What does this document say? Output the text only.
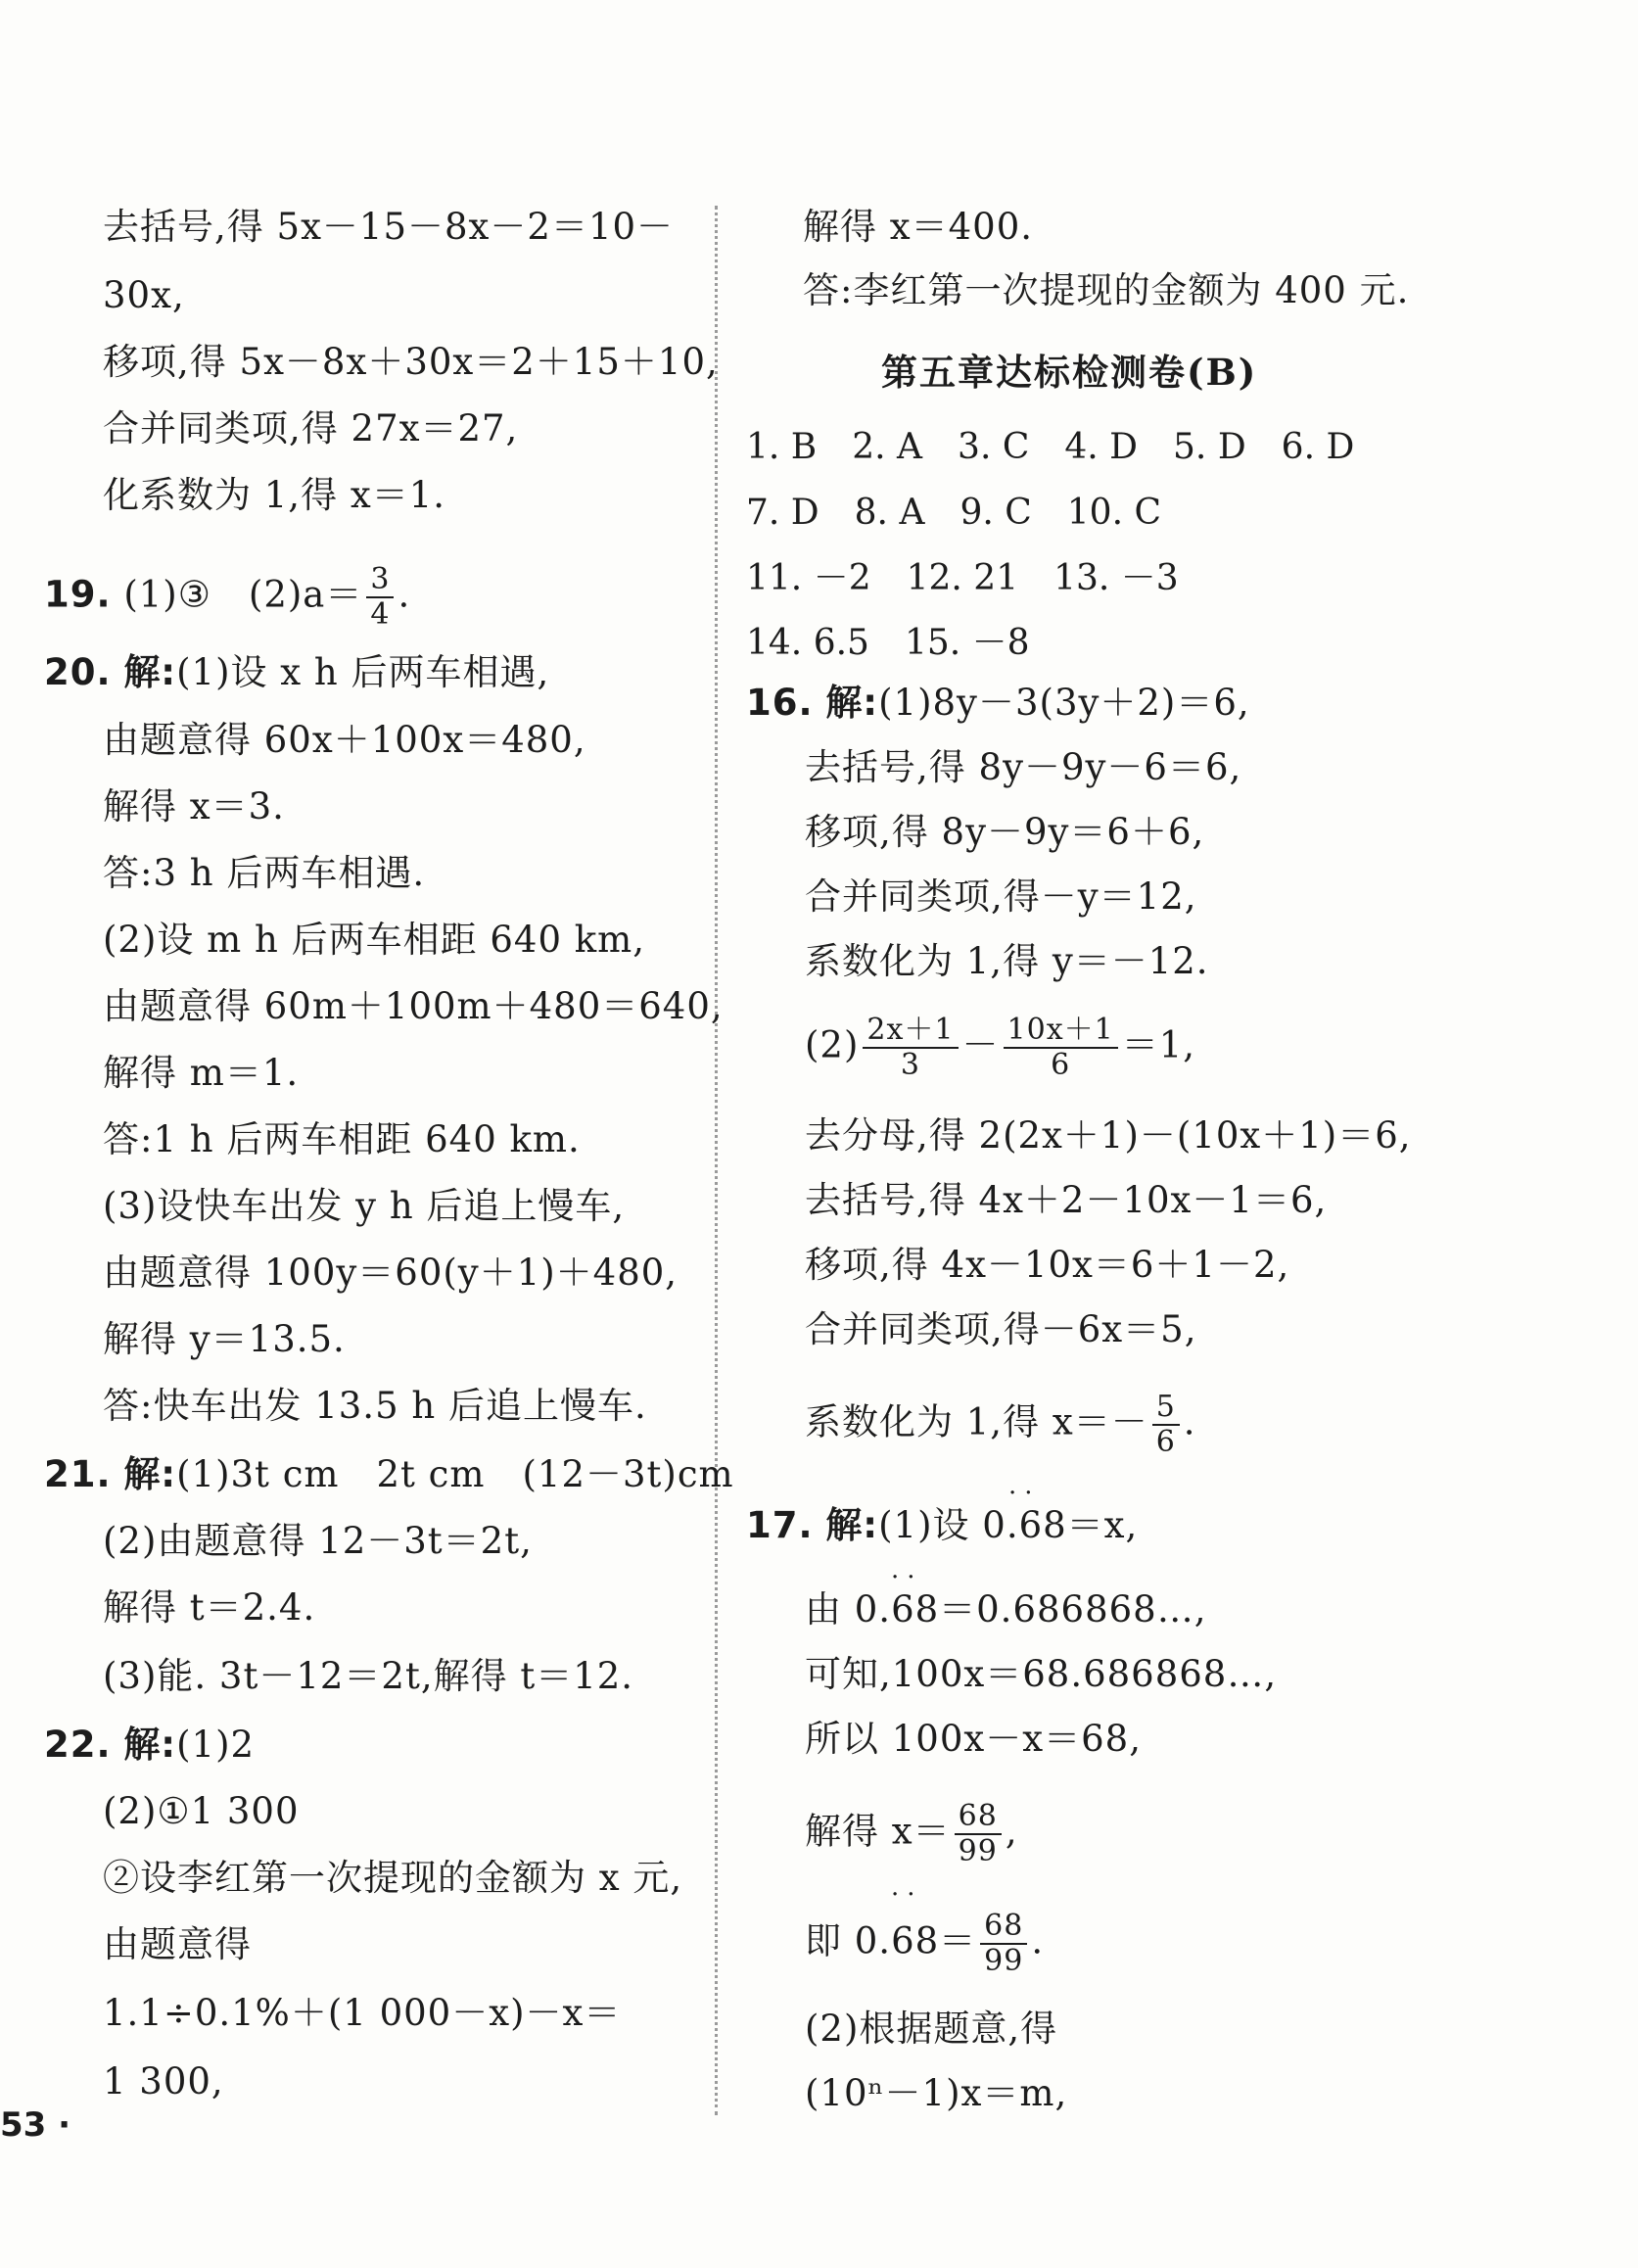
去括号,得 5x－15－8x－2＝10－
30x,
移项,得 5x－8x＋30x＝2＋15＋10,
合并同类项,得 27x＝27,
化系数为 1,得 x＝1.
19. (1)③　$(2)a= \frac{3}{4}$ .
20. 解:(1)设 x h 后两车相遇,
由题意得 60x＋100x＝480,
解得 x＝3.
答:3 h 后两车相遇.
(2)设 m h 后两车相距 640 km,
由题意得 60m＋100m＋480＝640,
解得 m＝1.
答:1 h 后两车相距 640 km.
(3)设快车出发 y h 后追上慢车,
由题意得 100y＝60(y＋1)＋480,
解得 y＝13.5.
答:快车出发 13.5 h 后追上慢车.
21. 解:(1)3t cm　2t cm　(12－3t)cm
(2)由题意得 12－3t＝2t,
解得 t＝2.4.
(3)能. 3t－12＝2t,解得 t＝12.
22. 解:(1)2
(2)①1 300
②设李红第一次提现的金额为 x 元,
由题意得
1.1÷0.1%＋(1 000－x)－x＝
1 300,
解得 x＝400.
答:李红第一次提现的金额为 400 元.
第五章达标检测卷(B)
1. B　2. A　3. C　4. D　5. D　6. D
7. D　8. A　9. C　10. C
11. －2　12. 21　13. －3
14. 6.5　15. －8
16. 解:(1)8y－3(3y＋2)＝6,
去括号,得 8y－9y－6＝6,
移项,得 8y－9y＝6＋6,
合并同类项,得－y＝12,
系数化为 1,得 y＝－12.
$(2) \frac{2x+1}{3} - \frac{10x+1}{6} =1$,
去分母,得 2(2x＋1)－(10x＋1)＝6,
去括号,得 4x＋2－10x－1＝6,
移项,得 4x－10x＝6＋1－2,
合并同类项,得－6x＝5,
系数化为 1,得 $x=- \frac{5}{6}$ .
··
17. 解:(1)设 0.68＝x,
··
由 0.68＝0.686868…,
可知,100x＝68.686868…,
所以 100x－x＝68,
解得 $x= \frac{68}{99}$ ,
··
即 $0.68= \frac{68}{99}$ .
(2)根据题意,得
(10ⁿ－1)x＝m,
53 ·
